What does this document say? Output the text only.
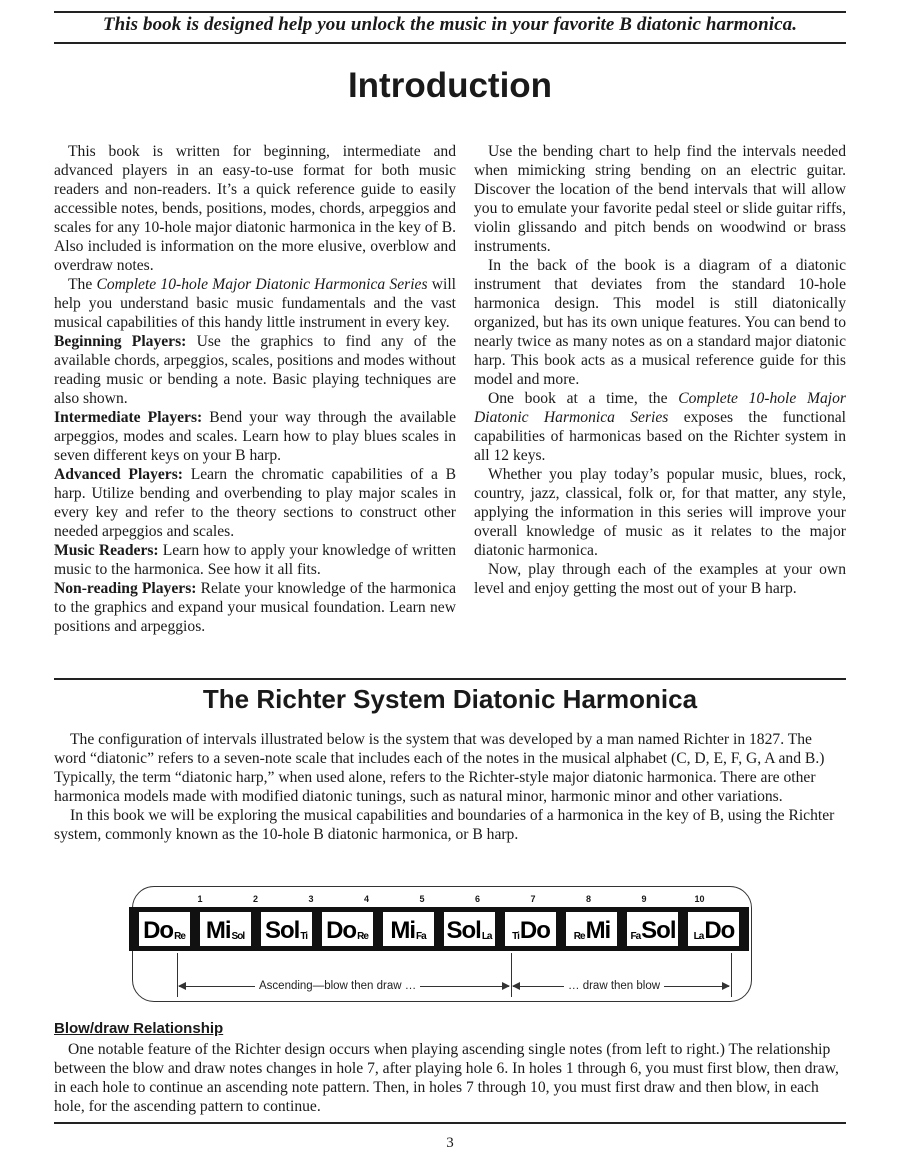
This book is designed help you unlock the music in your favorite B diatonic harmonica.
Introduction

This book is written for beginning, intermediate and advanced players in an easy-to-use format for both music readers and non-readers. It’s a quick reference guide to easily accessible notes, bends, positions, modes, chords, arpeggios and scales for any 10-hole major diatonic harmonica in the key of B. Also included is information on the more elusive, overblow and overdraw notes.

The Complete 10-hole Major Diatonic Harmonica Series will help you understand basic music fundamentals and the vast musical capabilities of this handy little instrument in every key.

Beginning Players: Use the graphics to find any of the available chords, arpeggios, scales, positions and modes without reading music or bending a note. Basic playing techniques are also shown.

Intermediate Players: Bend your way through the available arpeggios, modes and scales. Learn how to play blues scales in seven different keys on your B harp.

Advanced Players: Learn the chromatic capabilities of a B harp. Utilize bending and overbending to play major scales in every key and refer to the theory sections to construct other needed arpeggios and scales.

Music Readers: Learn how to apply your knowledge of written music to the harmonica. See how it all fits.

Non-reading Players: Relate your knowledge of the harmonica to the graphics and expand your musical foundation. Learn new positions and arpeggios.

Use the bending chart to help find the intervals needed when mimicking string bending on an electric guitar. Discover the location of the bend intervals that will allow you to emulate your favorite pedal steel or slide guitar riffs, violin glissando and pitch bends on woodwind or brass instruments.

In the back of the book is a diagram of a diatonic instrument that deviates from the standard 10-hole harmonica design. This model is still diatonically organized, but has its own unique features. You can bend to nearly twice as many notes as on a standard major diatonic harp. This book acts as a musical reference guide for this model and more.

One book at a time, the Complete 10-hole Major Diatonic Harmonica Series exposes the functional capabilities of harmonicas based on the Richter system in all 12 keys.

Whether you play today’s popular music, blues, rock, country, jazz, classical, folk or, for that matter, any style, applying the information in this series will improve your overall knowledge of music as it relates to the major diatonic harmonica.

Now, play through each of the examples at your own level and enjoy getting the most out of your B harp.

The Richter System Diatonic Harmonica

The configuration of intervals illustrated below is the system that was developed by a man named Richter in 1827. The word “diatonic” refers to a seven-note scale that includes each of the notes in the musical alphabet (C, D, E, F, G, A and B.) Typically, the term “diatonic harp,” when used alone, refers to the Richter-style major diatonic harmonica. There are other harmonica models made with modified diatonic tunings, such as natural minor, harmonic minor and other variations.

In this book we will be exploring the musical capabilities and boundaries of a harmonica in the key of B, using the Richter system, commonly known as the 10-hole B diatonic harmonica, or B harp.

1	2	3	4	5	6	7	8	9	10
Do Re Mi Sol Sol Ti Do Re Mi Fa Sol La Ti Do Re Mi Fa Sol La Do
Ascending—blow then draw …	… draw then blow
Blow/draw Relationship

One notable feature of the Richter design occurs when playing ascending single notes (from left to right.) The relationship between the blow and draw notes changes in hole 7, after playing hole 6. In holes 1 through 6, you must first blow, then draw, in each hole to continue an ascending note pattern. Then, in holes 7 through 10, you must first draw and then blow, in each hole, for the ascending pattern to continue.

3
